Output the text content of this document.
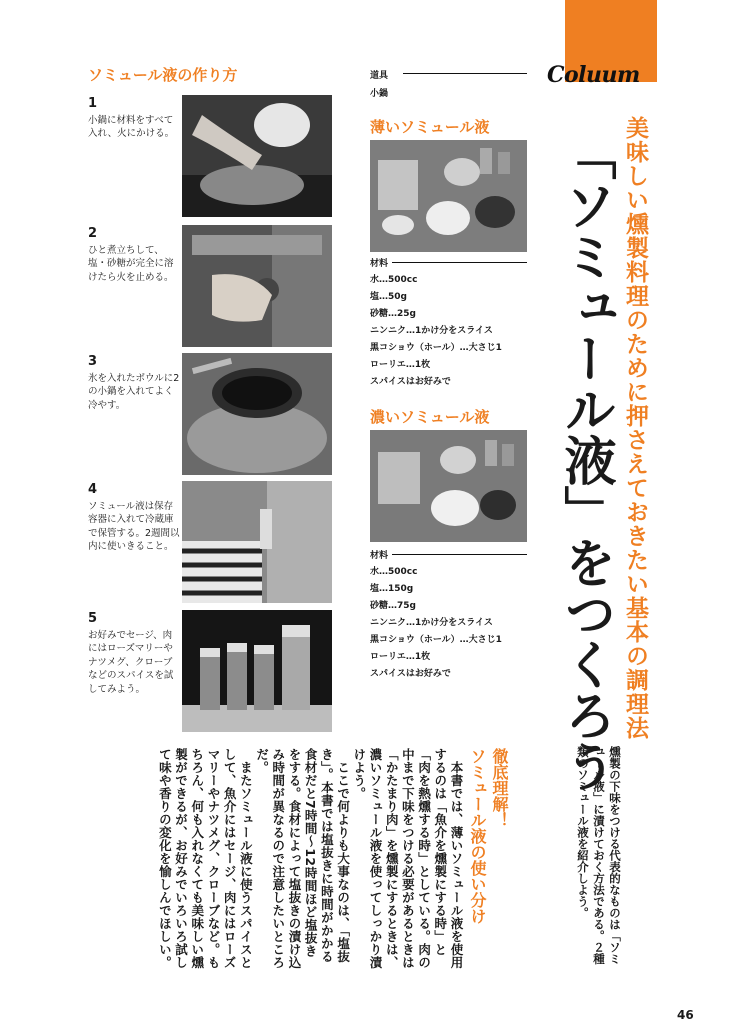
Coluum
「ソミュール液」をつくろう 美味しい燻製料理のために押さえておきたい基本の調理法
燻製の下味をつける代表的なものは「ソミュール液」に漬けておく方法である。２種類のソミュール液を紹介しよう。
ソミュール液の作り方
1
小鍋に材料をすべて入れ、火にかける。
2
ひと煮立ちして、塩・砂糖が完全に溶けたら火を止める。
3
氷を入れたボウルに2の小鍋を入れてよく冷やす。
4
ソミュール液は保存容器に入れて冷蔵庫で保管する。2週間以内に使いきること。
5
お好みでセージ、肉にはローズマリーやナツメグ、クローブなどのスパイスを試してみよう。
道具
小鍋
薄いソミュール液
材料
水…500cc
塩…50g
砂糖…25g
ニンニク…1かけ分をスライス
黒コショウ（ホール）…大さじ1
ローリエ…1枚
スパイスはお好みで
濃いソミュール液
材料
水…500cc
塩…150g
砂糖…75g
ニンニク…1かけ分をスライス
黒コショウ（ホール）…大さじ1
ローリエ…1枚
スパイスはお好みで
徹底理解！
ソミュール液の使い分け
　本書では、薄いソミュール液を使用するのは「魚介を燻製にする時」と「肉を熱燻する時」としている。肉の中まで下味をつける必要があるときは「かたまり肉」を燻製にするときは、濃いソミュール液を使ってしっかり漬けよう。
　ここで何よりも大事なのは、「塩抜き」。本書では塩抜きに時間がかかる食材だと7時間〜12時間ほど塩抜きをする。食材によって塩抜きの漬け込み時間が異なるので注意したいところだ。
　またソミュール液に使うスパイスとして、魚介にはセージ、肉にはローズマリーやナツメグ、クローブなど。もちろん、何も入れなくても美味しい燻製ができるが、お好みでいろいろ試して味や香りの変化を愉しんでほしい。
46
